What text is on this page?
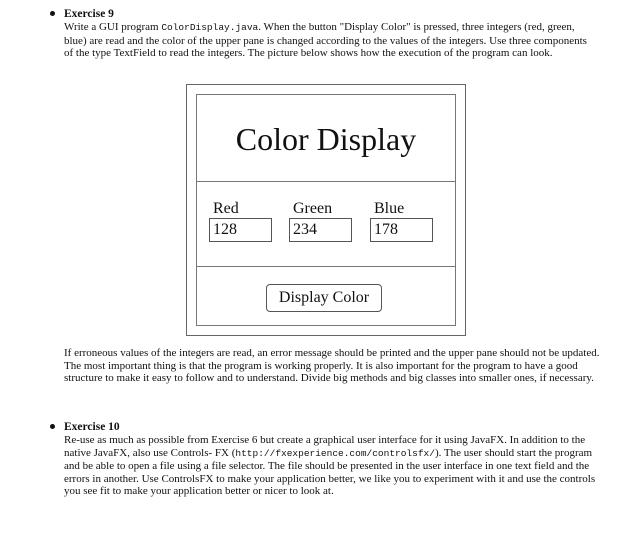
Exercise 9
Write a GUI program ColorDisplay.java. When the button "Display Color" is pressed, three integers (red, green, blue) are read and the color of the upper pane is changed according to the values of the integers. Use three components of the type TextField to read the integers. The picture below shows how the execution of the program can look.
Color Display
Red
128
Green
234
Blue
178
Display Color
If erroneous values of the integers are read, an error message should be printed and the upper pane should not be updated. The most important thing is that the program is working properly. It is also important for the program to have a good structure to make it easy to follow and to understand. Divide big methods and big classes into smaller ones, if necessary.
Exercise 10
Re-use as much as possible from Exercise 6 but create a graphical user interface for it using JavaFX. In addition to the native JavaFX, also use Controls- FX (http://fxexperience.com/controlsfx/). The user should start the program and be able to open a file using a file selector. The file should be presented in the user interface in one text field and the errors in another. Use ControlsFX to make your application better, we like you to experiment with it and use the controls you see fit to make your application better or nicer to look at.
